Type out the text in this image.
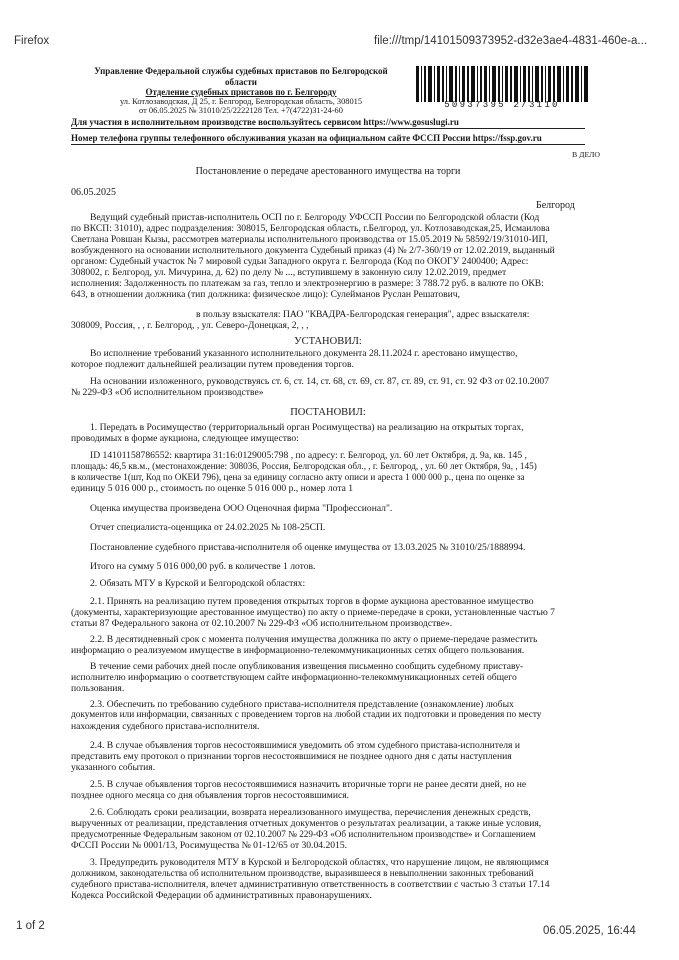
Firefox	file:///tmp/14101509373952-d32e3ae4-4831-460e-a...
1 of 2	06.05.2025, 16:44
Управление Федеральной службы судебных приставов по Белгородской
области
Отделение судебных приставов по г. Белгороду
ул. Котлозаводская, Д 25, г. Белгород, Белгородская область, 308015
от 06.05.2025 № 31010/25/2222128 Тел. +7(4722)31-24-60
50937395 2/3110
Для участия в исполнительном производстве воспользуйтесь сервисом https://www.gosuslugi.ru
Номер телефона группы телефонного обслуживания указан на официальном сайте ФССП России https://fssp.gov.ru
В ДЕЛО
Постановление о передаче арестованного имущества на торги
06.05.2025
Белгород
Ведущий судебный пристав-исполнитель ОСП по г. Белгороду УФССП России по Белгородской области (Код
по ВКСП: 31010), адрес подразделения: 308015, Белгородская область, г.Белгород, ул. Котлозаводская,25, Исмаилова
Светлана Ровшан Кызы, рассмотрев материалы исполнительного производства от 15.05.2019 № 58592/19/31010-ИП,
возбужденного на основании исполнительного документа Судебный приказ (4) № 2/7-360/19 от 12.02.2019, выданный
органом: Судебный участок № 7 мировой судьи Западного округа г. Белгорода (Код по ОКОГУ 2400400; Адрес:
308002, г. Белгород, ул. Мичурина, д. 62) по делу № ..., вступившему в законную силу 12.02.2019, предмет
исполнения: Задолженность по платежам за газ, тепло и электроэнергию в размере: 3 788.72 руб. в валюте по ОКВ:
643, в отношении должника (тип должника: физическое лицо): Сулейманов Руслан Решатович,
в пользу взыскателя: ПАО "КВАДРА-Белгородская генерация", адрес взыскателя:
308009, Россия, , , г. Белгород, , ул. Северо-Донецкая, 2, , ,
УСТАНОВИЛ:
Во исполнение требований указанного исполнительного документа 28.11.2024 г. арестовано имущество,
которое подлежит дальнейшей реализации путем проведения торгов.
На основании изложенного, руководствуясь ст. 6, ст. 14, ст. 68, ст. 69, ст. 87, ст. 89, ст. 91, ст. 92 ФЗ от 02.10.2007
№ 229-ФЗ «Об исполнительном производстве»
ПОСТАНОВИЛ:
1. Передать в Росимущество (территориальный орган Росимущества) на реализацию на открытых торгах,
проводимых в форме аукциона, следующее имущество:
ID 14101158786552: квартира 31:16:0129005:798 , по адресу: г. Белгород, ул. 60 лет Октября, д. 9а, кв. 145 ,
площадь: 46,5 кв.м., (местонахождение: 308036, Россия, Белгородская обл., , г. Белгород, , ул. 60 лет Октября, 9а, , 145)
в количестве 1(шт, Код по ОКЕИ 796), цена за единицу согласно акту описи и ареста 1 000 000 р., цена по оценке за
единицу 5 016 000 р., стоимость по оценке 5 016 000 р., номер лота 1
Оценка имущества произведена ООО Оценочная фирма "Профессионал".
Отчет специалиста-оценщика от 24.02.2025 № 108-25СП.
Постановление судебного пристава-исполнителя об оценке имущества от 13.03.2025 № 31010/25/1888994.
Итого на сумму 5 016 000,00 руб. в количестве 1 лотов.
2. Обязать МТУ в Курской и Белгородской областях:
2.1. Принять на реализацию путем проведения открытых торгов в форме аукциона арестованное имущество
(документы, характеризующие арестованное имущество) по акту о приеме-передаче в сроки, установленные частью 7
статьи 87 Федерального закона от 02.10.2007 № 229-ФЗ «Об исполнительном производстве».
2.2. В десятидневный срок с момента получения имущества должника по акту о приеме-передаче разместить
информацию о реализуемом имуществе в информационно-телекоммуникационных сетях общего пользования.
В течение семи рабочих дней после опубликования извещения письменно сообщить судебному приставу-
исполнителю информацию о соответствующем сайте информационно-телекоммуникационных сетей общего
пользования.
2.3. Обеспечить по требованию судебного пристава-исполнителя представление (ознакомление) любых
документов или информации, связанных с проведением торгов на любой стадии их подготовки и проведения по месту
нахождения судебного пристава-исполнителя.
2.4. В случае объявления торгов несостоявшимися уведомить об этом судебного пристава-исполнителя и
представить ему протокол о признании торгов несостоявшимися не позднее одного дня с даты наступления
указанного события.
2.5. В случае объявления торгов несостоявшимися назначить вторичные торги не ранее десяти дней, но не
позднее одного месяца со дня объявления торгов несостоявшимися.
2.6. Соблюдать сроки реализации, возврата нереализованного имущества, перечисления денежных средств,
вырученных от реализации, представления отчетных документов о результатах реализации, а также иные условия,
предусмотренные Федеральным законом от 02.10.2007 № 229-ФЗ «Об исполнительном производстве» и Соглашением
ФССП России № 0001/13, Росимущества № 01-12/65 от 30.04.2015.
3. Предупредить руководителя МТУ в Курской и Белгородской областях, что нарушение лицом, не являющимся
должником, законодательства об исполнительном производстве, выразившееся в невыполнении законных требований
судебного пристава-исполнителя, влечет административную ответственность в соответствии с частью 3 статьи 17.14
Кодекса Российской Федерации об административных правонарушениях.
